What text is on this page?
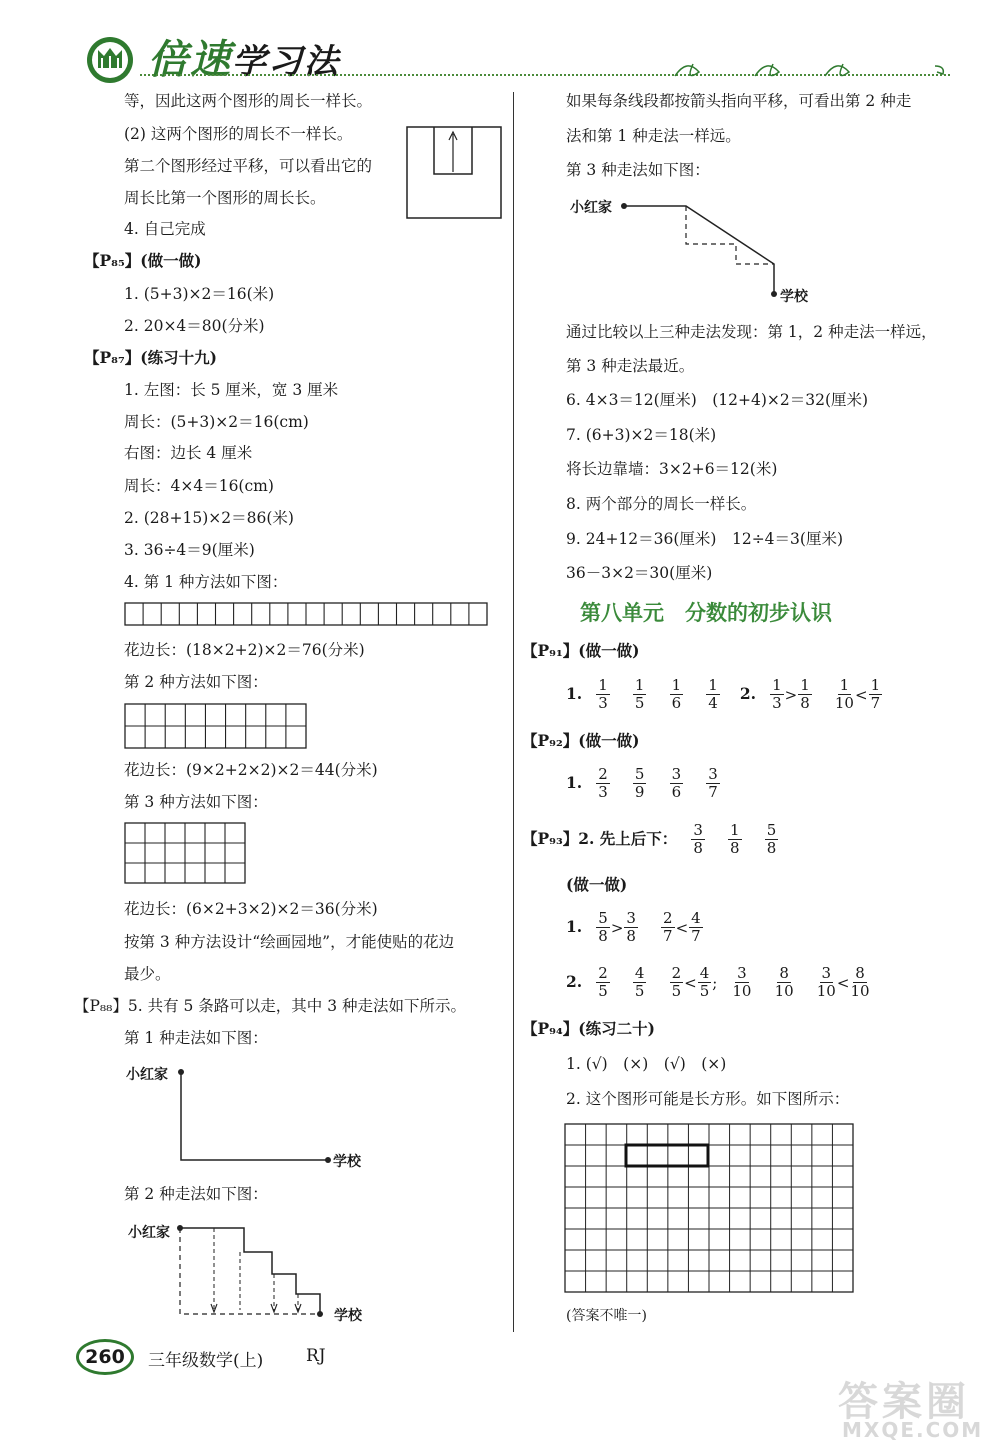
倍速学习法
等，因此这两个图形的周长一样长。
(2) 这两个图形的周长不一样长。
第二个图形经过平移，可以看出它的
周长比第一个图形的周长长。
4. 自己完成
【P₈₅】(做一做)
1. (5+3)×2＝16(米)
2. 20×4＝80(分米)
【P₈₇】(练习十九)
1. 左图：长 5 厘米，宽 3 厘米
周长：(5+3)×2＝16(cm)
右图：边长 4 厘米
周长：4×4＝16(cm)
2. (28+15)×2＝86(米)
3. 36÷4＝9(厘米)
4. 第 1 种方法如下图：
花边长：(18×2+2)×2＝76(分米)
第 2 种方法如下图：
花边长：(9×2+2×2)×2＝44(分米)
第 3 种方法如下图：
花边长：(6×2+3×2)×2＝36(分米)
按第 3 种方法设计“绘画园地”，才能使贴的花边
最少。
【P₈₈】5. 共有 5 条路可以走，其中 3 种走法如下所示。
第 1 种走法如下图：
小红家
学校
第 2 种走法如下图：
小红家
学校
如果每条线段都按箭头指向平移，可看出第 2 种走
法和第 1 种走法一样远。
第 3 种走法如下图：
小红家
学校
通过比较以上三种走法发现：第 1，2 种走法一样远，
第 3 种走法最近。
6. 4×3＝12(厘米)　(12+4)×2＝32(厘米)
7. (6+3)×2＝18(米)
将长边靠墙：3×2+6＝12(米)
8. 两个部分的周长一样长。
9. 24+12＝36(厘米)　12÷4＝3(厘米)
36－3×2＝30(厘米)
第八单元　分数的初步认识
【P₉₁】(做一做)
1. $\frac{1}{3}$
$\frac{1}{5}$
$\frac{1}{6}$
$\frac{1}{4} 2$. $\frac{1}{3} > \frac{1}{8}$
$\frac{1}{10} < \frac{1}{7}$
【P₉₂】(做一做)
1. $\frac{2}{3}$
$\frac{5}{9}$
$\frac{3}{6}$
$\frac{3}{7}$
【P₉₃】2. 先上后下： $\frac{3}{8}$
$\frac{1}{8}$
$\frac{5}{8}$
(做一做)
1. $\frac{5}{8} > \frac{3}{8}$
$\frac{2}{7} < \frac{4}{7}$
2. $\frac{2}{5}$
$\frac{4}{5}$
$\frac{2}{5} < \frac{4}{5}$ ; $\frac{3}{10}$
$\frac{8}{10}$
$\frac{3}{10} < \frac{8}{10}$
【P₉₄】(练习二十)
1. (√)　(×)　(√)　(×)
2. 这个图形可能是长方形。如下图所示：
(答案不唯一)
260	三年级数学(上)	RJ
答案圈
MXQE.COM
